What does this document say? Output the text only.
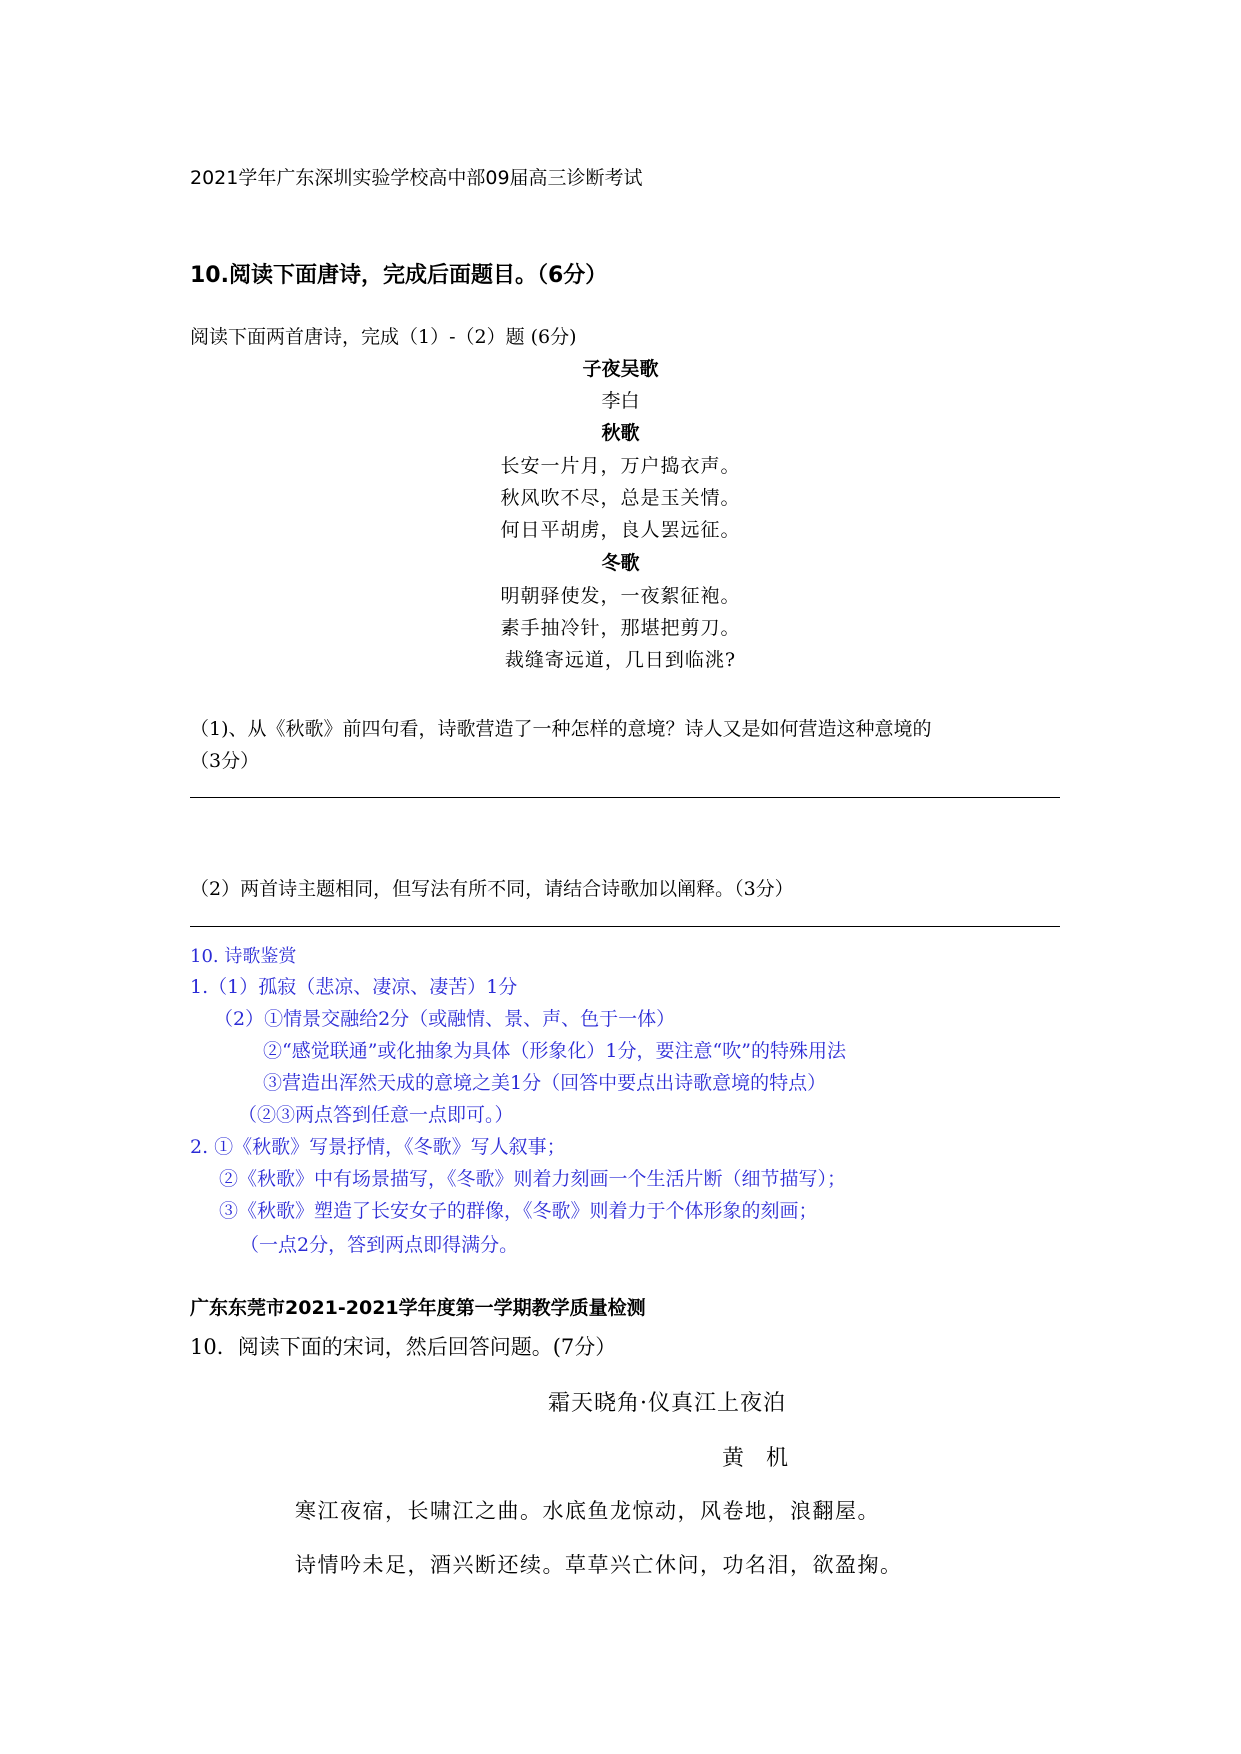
2021学年广东深圳实验学校高中部09届高三诊断考试
10.阅读下面唐诗，完成后面题目。（6分）
阅读下面两首唐诗，完成（1）-（2）题 (6分)
子夜吴歌
李白
秋歌
长安一片月，万户捣衣声。
秋风吹不尽，总是玉关情。
何日平胡虏，良人罢远征。
冬歌
明朝驿使发，一夜絮征袍。
素手抽冷针，那堪把剪刀。
裁缝寄远道，几日到临洮?
（1)、从《秋歌》前四句看，诗歌营造了一种怎样的意境？诗人又是如何营造这种意境的
（3分）
（2）两首诗主题相同，但写法有所不同，请结合诗歌加以阐释。（3分）
10. 诗歌鉴赏
1.（1）孤寂（悲凉、凄凉、凄苦）1分
（2）①情景交融给2分（或融情、景、声、色于一体）
②“感觉联通”或化抽象为具体（形象化）1分，要注意“吹”的特殊用法
③营造出浑然天成的意境之美1分（回答中要点出诗歌意境的特点）
（②③两点答到任意一点即可。）
2. ①《秋歌》写景抒情，《冬歌》写人叙事；
②《秋歌》中有场景描写，《冬歌》则着力刻画一个生活片断（细节描写）；
③《秋歌》塑造了长安女子的群像，《冬歌》则着力于个体形象的刻画；
（一点2分，答到两点即得满分。
广东东莞市2021-2021学年度第一学期教学质量检测
10．阅读下面的宋词，然后回答问题。(7分）
霜天晓角·仪真江上夜泊
黄　机
寒江夜宿，长啸江之曲。水底鱼龙惊动，风卷地，浪翻屋。
诗情吟未足，酒兴断还续。草草兴亡休问，功名泪，欲盈掬。
